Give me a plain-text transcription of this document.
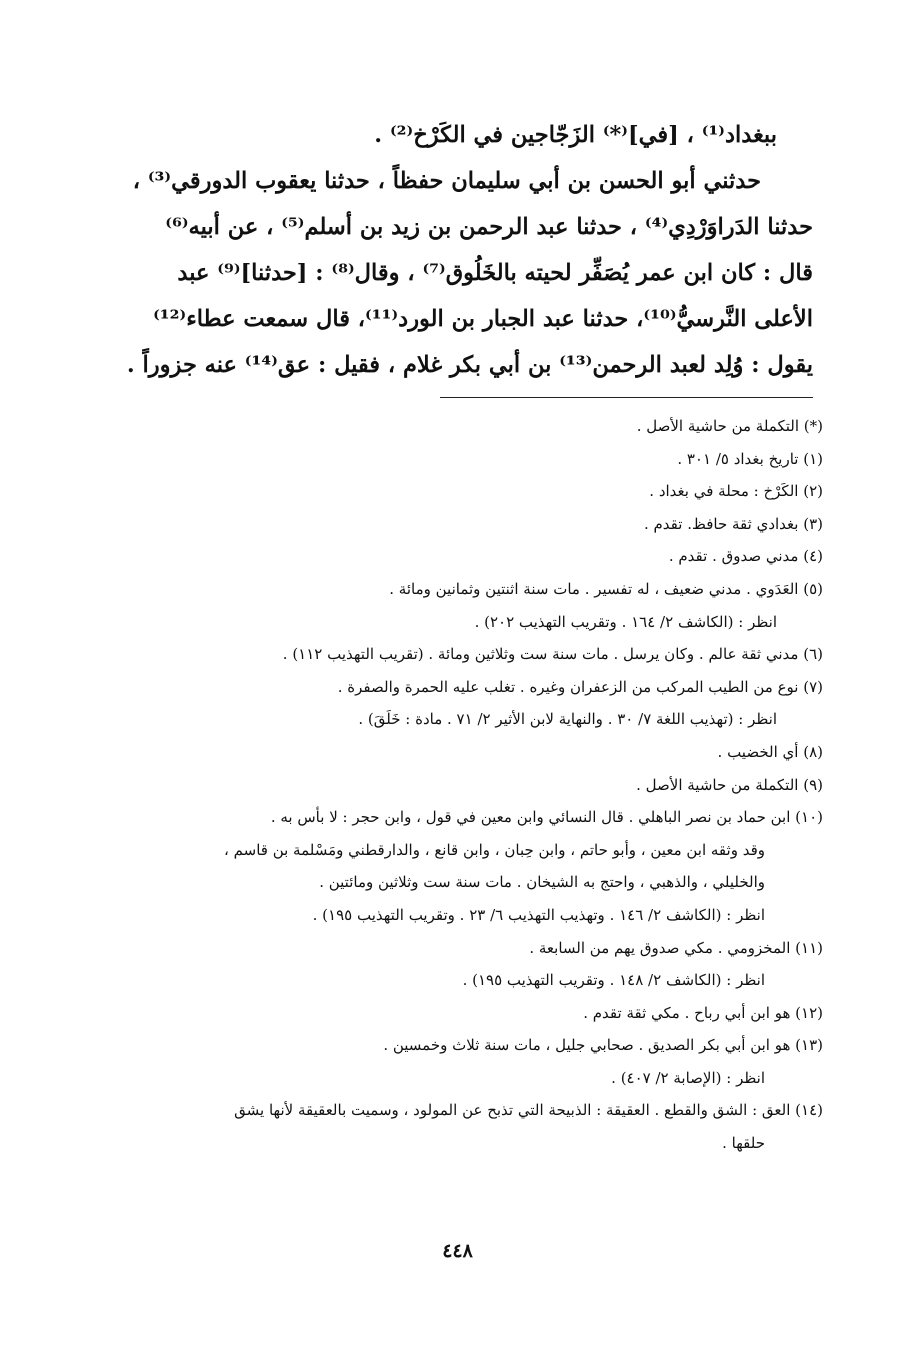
ببغداد⁽¹⁾ ، [في]⁽*⁾ الزَجّاجين في الكَرْخ⁽²⁾ .
حدثني أبو الحسن بن أبي سليمان حفظاً ، حدثنا يعقوب الدورقي⁽³⁾ ،
حدثنا الدَراوَرْدِي⁽⁴⁾ ، حدثنا عبد الرحمن بن زيد بن أسلم⁽⁵⁾ ، عن أبيه⁽⁶⁾
قال : كان ابن عمر يُصَفِّر لحيته بالخَلُوق⁽⁷⁾ ، وقال⁽⁸⁾ : [حدثنا]⁽⁹⁾ عبد
الأعلى النَّرسيُّ⁽¹⁰⁾، حدثنا عبد الجبار بن الورد⁽¹¹⁾، قال سمعت عطاء⁽¹²⁾
يقول : وُلِد لعبد الرحمن⁽¹³⁾ بن أبي بكر غلام ، فقيل : عق⁽¹⁴⁾ عنه جزوراً .
(*) التكملة من حاشية الأصل .
(١) تاريخ بغداد ٥/ ٣٠١ .
(٢) الكَرْخ : محلة في بغداد .
(٣) بغدادي ثقة حافظ. تقدم .
(٤) مدني صدوق . تقدم .
(٥) العَدَوي . مدني ضعيف ، له تفسير . مات سنة اثنتين وثمانين ومائة .
انظر : (الكاشف ٢/ ١٦٤ . وتقريب التهذيب ٢٠٢) .
(٦) مدني ثقة عالم . وكان يرسل . مات سنة ست وثلاثين ومائة . (تقريب التهذيب ١١٢) .
(٧) نوع من الطيب المركب من الزعفران وغيره . تغلب عليه الحمرة والصفرة .
انظر : (تهذيب اللغة ٧/ ٣٠ . والنهاية لابن الأثير ٢/ ٧١ . مادة : خَلَقَ) .
(٨) أي الخضيب .
(٩) التكملة من حاشية الأصل .
(١٠) ابن حماد بن نصر الباهلي . قال النسائي وابن معين في قول ، وابن حجر : لا بأس به .
وقد وثقه ابن معين ، وأبو حاتم ، وابن حِبان ، وابن قانع ، والدارقطني ومَسْلمة بن قاسم ،
والخليلي ، والذهبي ، واحتج به الشيخان . مات سنة ست وثلاثين ومائتين .
انظر : (الكاشف ٢/ ١٤٦ . وتهذيب التهذيب ٦/ ٢٣ . وتقريب التهذيب ١٩٥) .
(١١) المخزومي . مكي صدوق يهم من السابعة .
انظر : (الكاشف ٢/ ١٤٨ . وتقريب التهذيب ١٩٥) .
(١٢) هو ابن أبي رباح . مكي ثقة تقدم .
(١٣) هو ابن أبي بكر الصديق . صحابي جليل ، مات سنة ثلاث وخمسين .
انظر : (الإصابة ٢/ ٤٠٧) .
(١٤) العق : الشق والقطع . العقيقة : الذبيحة التي تذبح عن المولود ، وسميت بالعقيقة لأنها يشق
حلقها .
٤٤٨
